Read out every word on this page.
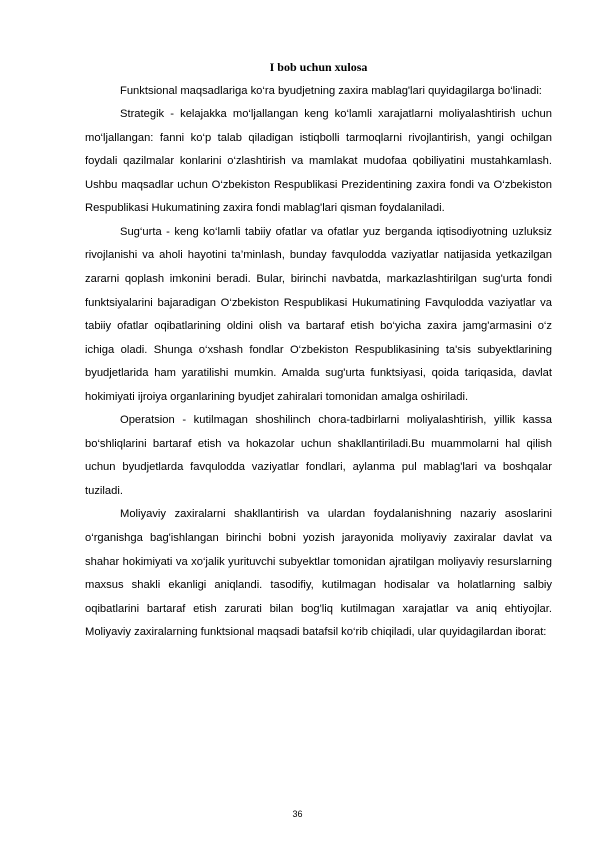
I bob uchun xulosa

Funktsional maqsadlariga ko‘ra byudjetning zaxira mablag'lari quyidagilarga bo‘linadi:

Strategik - kelajakka mo‘ljallangan keng ko‘lamli xarajatlarni moliyalashtirish uchun mo‘ljallangan: fanni ko‘p talab qiladigan istiqbolli tarmoqlarni rivojlantirish, yangi ochilgan foydali qazilmalar konlarini o‘zlashtirish va mamlakat mudofaa qobiliyatini mustahkamlash. Ushbu maqsadlar uchun O‘zbekiston Respublikasi Prezidentining zaxira fondi va O‘zbekiston Respublikasi Hukumatining zaxira fondi mablag'lari qisman foydalaniladi.

Sug‘urta - keng ko‘lamli tabiiy ofatlar va ofatlar yuz berganda iqtisodiyotning uzluksiz rivojlanishi va aholi hayotini ta’minlash, bunday favqulodda vaziyatlar natijasida yetkazilgan zararni qoplash imkonini beradi. Bular, birinchi navbatda, markazlashtirilgan sug'urta fondi funktsiyalarini bajaradigan O‘zbekiston Respublikasi Hukumatining Favqulodda vaziyatlar va tabiiy ofatlar oqibatlarining oldini olish va bartaraf etish bo‘yicha zaxira jamg'armasini o‘z ichiga oladi. Shunga o‘xshash fondlar O‘zbekiston Respublikasining ta'sis subyektlarining byudjetlarida ham yaratilishi mumkin. Amalda sug'urta funktsiyasi, qoida tariqasida, davlat hokimiyati ijroiya organlarining byudjet zahiralari tomonidan amalga oshiriladi.

Operatsion - kutilmagan shoshilinch chora-tadbirlarni moliyalashtirish, yillik kassa bo‘shliqlarini bartaraf etish va hokazolar uchun shakllantiriladi.Bu muammolarni hal qilish uchun byudjetlarda favqulodda vaziyatlar fondlari, aylanma pul mablag'lari va boshqalar tuziladi.

Moliyaviy zaxiralarni shakllantirish va ulardan foydalanishning nazariy asoslarini o‘rganishga bag'ishlangan birinchi bobni yozish jarayonida moliyaviy zaxiralar davlat va shahar hokimiyati va xo‘jalik yurituvchi subyektlar tomonidan ajratilgan moliyaviy resurslarning maxsus shakli ekanligi aniqlandi. tasodifiy, kutilmagan hodisalar va holatlarning salbiy oqibatlarini bartaraf etish zarurati bilan bog'liq kutilmagan xarajatlar va aniq ehtiyojlar. Moliyaviy zaxiralarning funktsional maqsadi batafsil ko‘rib chiqiladi, ular quyidagilardan iborat:

36
